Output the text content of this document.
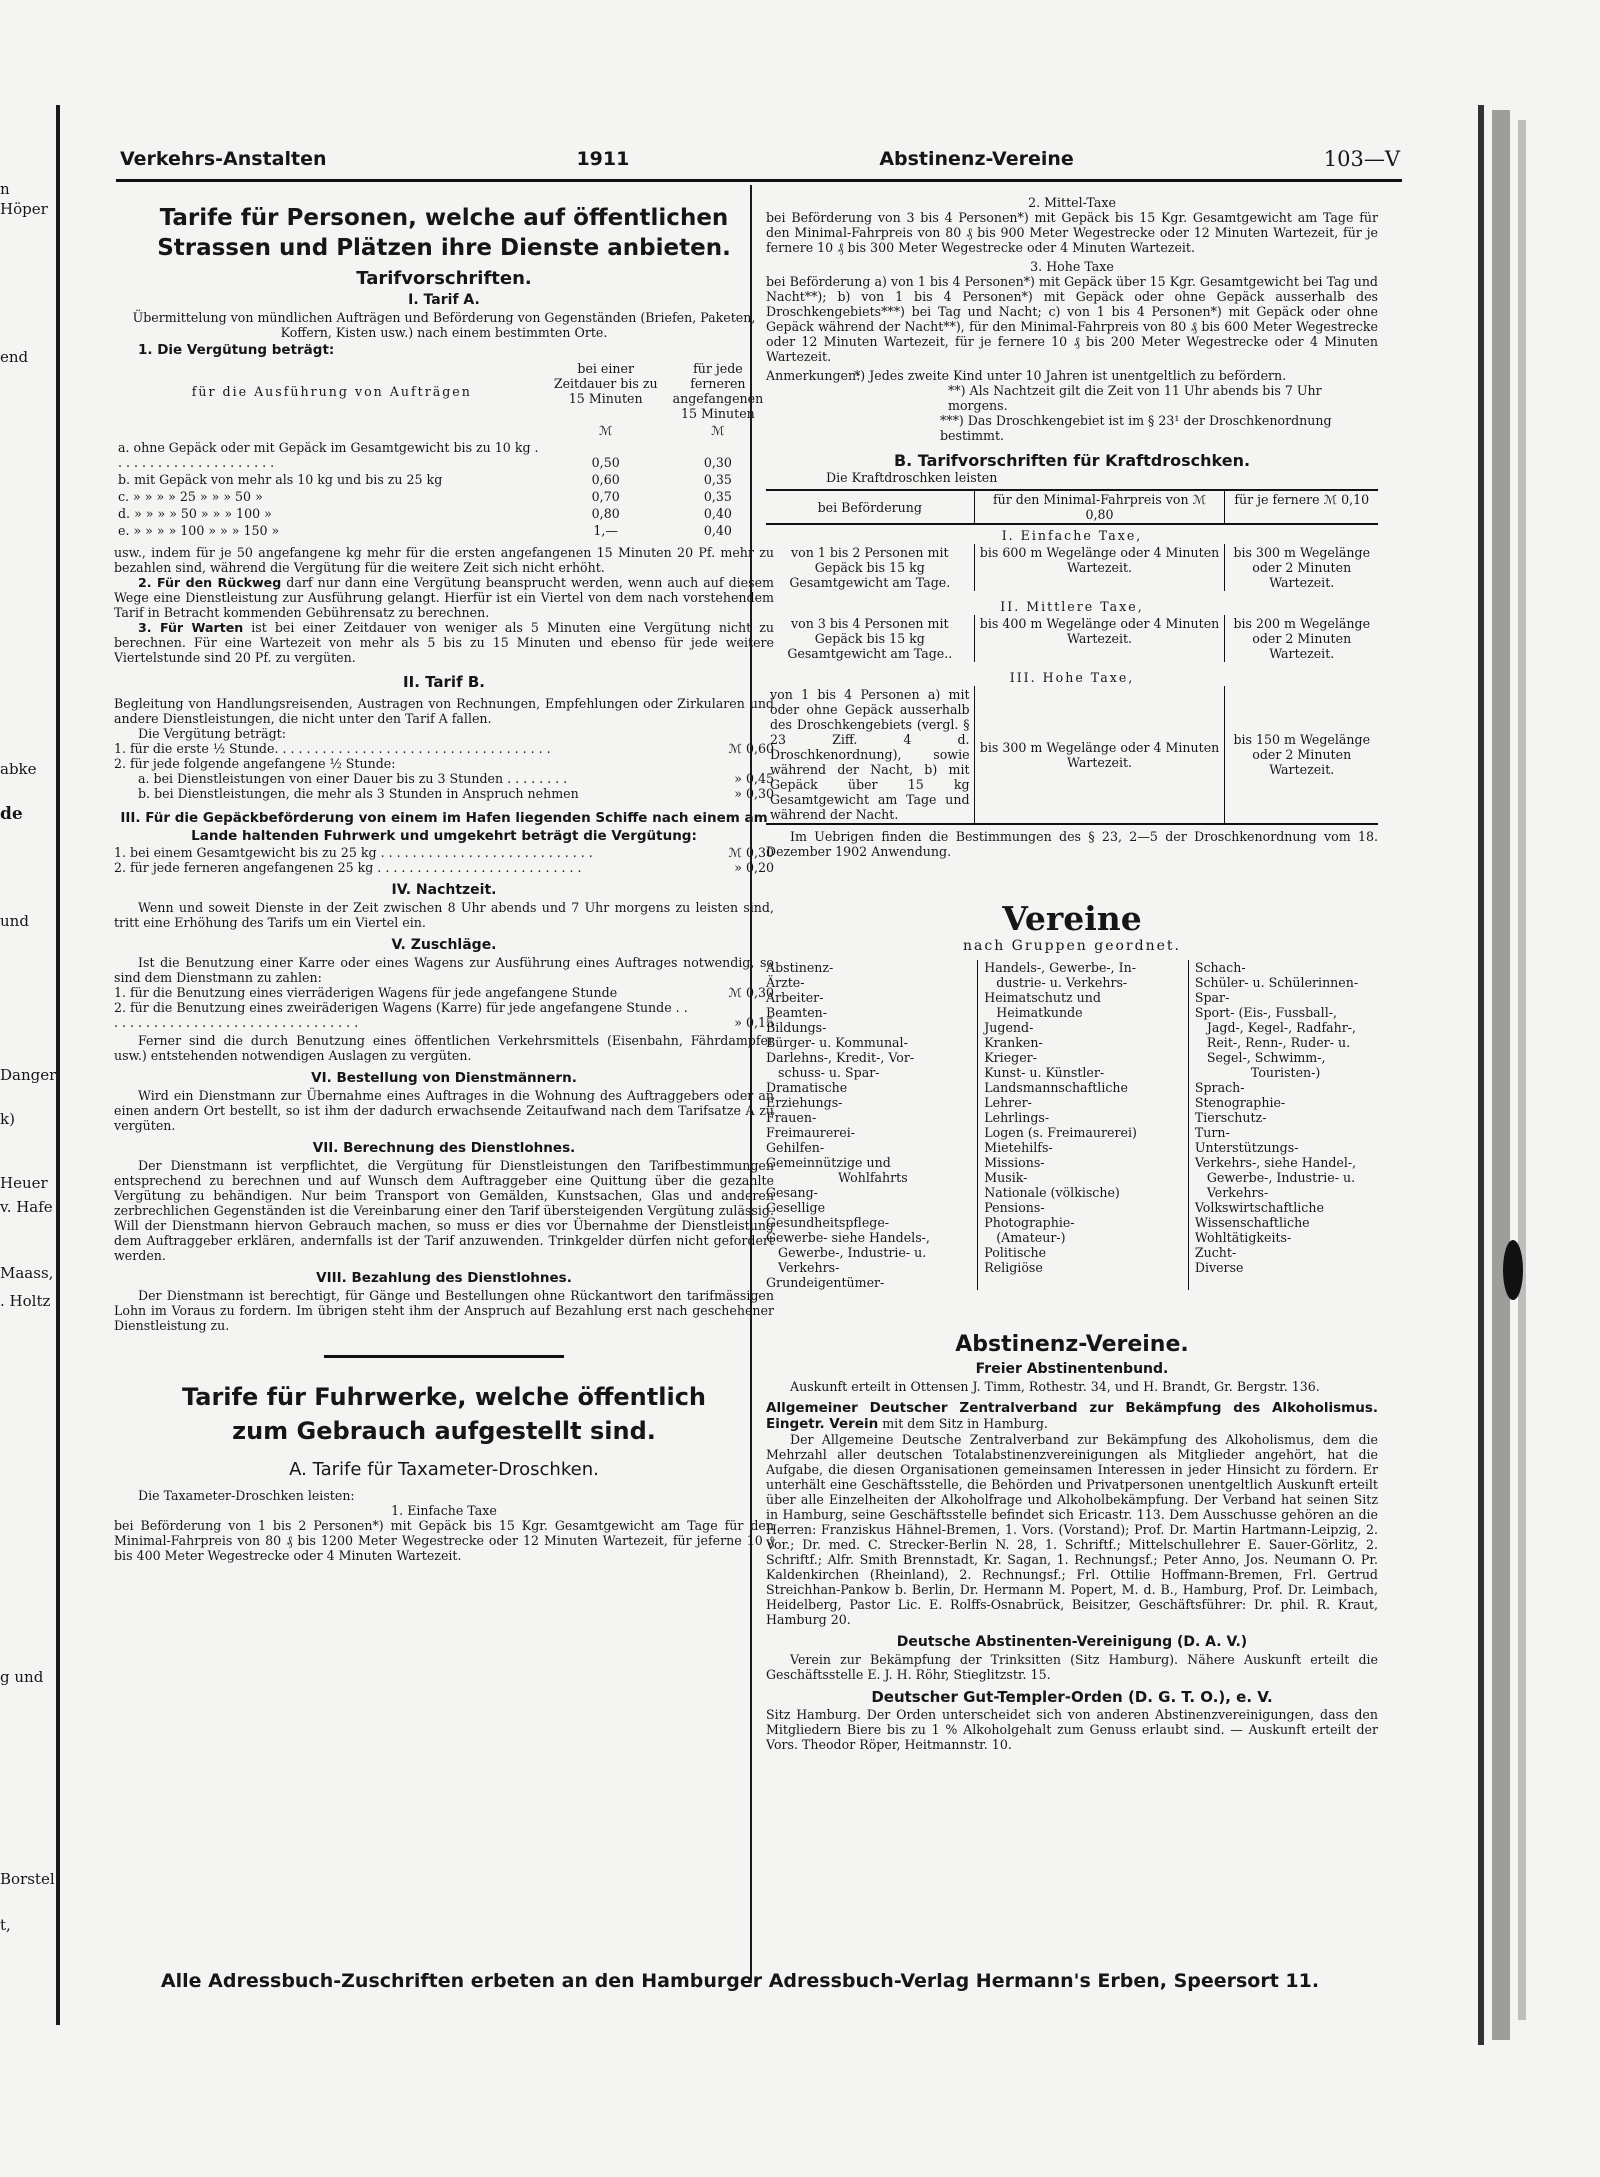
n
Höper
end
abke
de
und
Danger
k)
Heuer
v. Hafe
Maass,
. Holtz
g und
Borstel
t,
Verkehrs-Anstalten	1911	Abstinenz-Vereine	103—V
Tarife für Personen, welche auf öffentlichen Strassen und Plätzen ihre Dienste anbieten.
Tarifvorschriften.
I. Tarif A.
Übermittelung von mündlichen Aufträgen und Beförderung von Gegenständen (Briefen, Paketen, Koffern, Kisten usw.) nach einem bestimmten Orte.
1. Die Vergütung beträgt:
für die Ausführung von Aufträgen	bei einer Zeitdauer bis zu 15 Minuten	für jede ferneren angefangenen 15 Minuten
	ℳ	ℳ
a. ohne Gepäck oder mit Gepäck im Gesamtgewicht bis zu 10 kg . . . . . . . . . . . . . . . . . . . . .	0,50	0,30
b. mit Gepäck von mehr als 10 kg und bis zu 25 kg	0,60	0,35
c. » » » » 25 » » » 50 »	0,70	0,35
d. » » » » 50 » » » 100 »	0,80	0,40
e. » » » » 100 » » » 150 »	1,—	0,40
usw., indem für je 50 angefangene kg mehr für die ersten angefangenen 15 Minuten 20 Pf. mehr zu bezahlen sind, während die Vergütung für die weitere Zeit sich nicht erhöht.
2. Für den Rückweg darf nur dann eine Vergütung beansprucht werden, wenn auch auf diesem Wege eine Dienstleistung zur Ausführung gelangt. Hierfür ist ein Viertel von dem nach vorstehendem Tarif in Betracht kommenden Gebührensatz zu berechnen.
3. Für Warten ist bei einer Zeitdauer von weniger als 5 Minuten eine Vergütung nicht zu berechnen. Für eine Wartezeit von mehr als 5 bis zu 15 Minuten und ebenso für jede weitere Viertelstunde sind 20 Pf. zu vergüten.
II. Tarif B.
Begleitung von Handlungsreisenden, Austragen von Rechnungen, Empfehlungen oder Zirkularen und andere Dienstleistungen, die nicht unter den Tarif A fallen.
Die Vergütung beträgt:
1. für die erste ½ Stunde. . . . . . . . . . . . . . . . . . . . . . . . . . . . . . . . . . .	ℳ 0,60
2. für jede folgende angefangene ½ Stunde:
a. bei Dienstleistungen von einer Dauer bis zu 3 Stunden . . . . . . . .	» 0,45
b. bei Dienstleistungen, die mehr als 3 Stunden in Anspruch nehmen	» 0,30
III. Für die Gepäckbeförderung von einem im Hafen liegenden Schiffe nach einem am Lande haltenden Fuhrwerk und umgekehrt beträgt die Vergütung:
1. bei einem Gesamtgewicht bis zu 25 kg . . . . . . . . . . . . . . . . . . . . . . . . . . .	ℳ 0,30
2. für jede ferneren angefangenen 25 kg . . . . . . . . . . . . . . . . . . . . . . . . . .	» 0,20
IV. Nachtzeit.
Wenn und soweit Dienste in der Zeit zwischen 8 Uhr abends und 7 Uhr morgens zu leisten sind, tritt eine Erhöhung des Tarifs um ein Viertel ein.
V. Zuschläge.
Ist die Benutzung einer Karre oder eines Wagens zur Ausführung eines Auftrages notwendig, so sind dem Dienstmann zu zahlen:
1. für die Benutzung eines vierräderigen Wagens für jede angefangene Stunde	ℳ 0,30
2. für die Benutzung eines zweiräderigen Wagens (Karre) für jede angefangene Stunde . . . . . . . . . . . . . . . . . . . . . . . . . . . . . . . . .	» 0,15
Ferner sind die durch Benutzung eines öffentlichen Verkehrsmittels (Eisenbahn, Fährdampfer usw.) entstehenden notwendigen Auslagen zu vergüten.
VI. Bestellung von Dienstmännern.
Wird ein Dienstmann zur Übernahme eines Auftrages in die Wohnung des Auftraggebers oder an einen andern Ort bestellt, so ist ihm der dadurch erwachsende Zeitaufwand nach dem Tarifsatze A zu vergüten.
VII. Berechnung des Dienstlohnes.
Der Dienstmann ist verpflichtet, die Vergütung für Dienstleistungen den Tarifbestimmungen entsprechend zu berechnen und auf Wunsch dem Auftraggeber eine Quittung über die gezahlte Vergütung zu behändigen. Nur beim Transport von Gemälden, Kunstsachen, Glas und anderen zerbrechlichen Gegenständen ist die Vereinbarung einer den Tarif übersteigenden Vergütung zulässig. Will der Dienstmann hiervon Gebrauch machen, so muss er dies vor Übernahme der Dienstleistung dem Auftraggeber erklären, andernfalls ist der Tarif anzuwenden. Trinkgelder dürfen nicht gefordert werden.
VIII. Bezahlung des Dienstlohnes.
Der Dienstmann ist berechtigt, für Gänge und Bestellungen ohne Rückantwort den tarifmässigen Lohn im Voraus zu fordern. Im übrigen steht ihm der Anspruch auf Bezahlung erst nach geschehener Dienstleistung zu.
Tarife für Fuhrwerke, welche öffentlich zum Gebrauch aufgestellt sind.
A. Tarife für Taxameter-Droschken.
Die Taxameter-Droschken leisten:
1. Einfache Taxe
bei Beförderung von 1 bis 2 Personen*) mit Gepäck bis 15 Kgr. Gesamtgewicht am Tage für den Minimal-Fahrpreis von 80 ₰ bis 1200 Meter Wegestrecke oder 12 Minuten Wartezeit, für jeferne 10 ₰ bis 400 Meter Wegestrecke oder 4 Minuten Wartezeit.
2. Mittel-Taxe
bei Beförderung von 3 bis 4 Personen*) mit Gepäck bis 15 Kgr. Gesamtgewicht am Tage für den Minimal-Fahrpreis von 80 ₰ bis 900 Meter Wegestrecke oder 12 Minuten Wartezeit, für je fernere 10 ₰ bis 300 Meter Wegestrecke oder 4 Minuten Wartezeit.
3. Hohe Taxe
bei Beförderung a) von 1 bis 4 Personen*) mit Gepäck über 15 Kgr. Gesamtgewicht bei Tag und Nacht**); b) von 1 bis 4 Personen*) mit Gepäck oder ohne Gepäck ausserhalb des Droschkengebiets***) bei Tag und Nacht; c) von 1 bis 4 Personen*) mit Gepäck oder ohne Gepäck während der Nacht**), für den Minimal-Fahrpreis von 80 ₰ bis 600 Meter Wegestrecke oder 12 Minuten Wartezeit, für je fernere 10 ₰ bis 200 Meter Wegestrecke oder 4 Minuten Wartezeit.
Anmerkungen:
*) Jedes zweite Kind unter 10 Jahren ist unentgeltlich zu befördern.
**) Als Nachtzeit gilt die Zeit von 11 Uhr abends bis 7 Uhr morgens.
***) Das Droschkengebiet ist im § 23¹ der Droschkenordnung bestimmt.
B. Tarifvorschriften für Kraftdroschken.
Die Kraftdroschken leisten
bei Beförderung	für den Minimal-Fahrpreis von ℳ 0,80	für je fernere ℳ 0,10
I. Einfache Taxe,		
von 1 bis 2 Personen mit Gepäck bis 15 kg Gesamtgewicht am Tage.	bis 600 m Wegelänge oder 4 Minuten Wartezeit.	bis 300 m Wegelänge oder 2 Minuten Wartezeit.
II. Mittlere Taxe,		
von 3 bis 4 Personen mit Gepäck bis 15 kg Gesamtgewicht am Tage..	bis 400 m Wegelänge oder 4 Minuten Wartezeit.	bis 200 m Wegelänge oder 2 Minuten Wartezeit.
III. Hohe Taxe,		
von 1 bis 4 Personen a) mit oder ohne Gepäck ausserhalb des Droschkengebiets (vergl. § 23 Ziff. 4 d. Droschkenordnung), sowie während der Nacht, b) mit Gepäck über 15 kg Gesamtgewicht am Tage und während der Nacht.	bis 300 m Wegelänge oder 4 Minuten Wartezeit.	bis 150 m Wegelänge oder 2 Minuten Wartezeit.
Im Uebrigen finden die Bestimmungen des § 23, 2—5 der Droschkenordnung vom 18. Dezember 1902 Anwendung.
Vereine
nach Gruppen geordnet.
Abstinenz-
Ärzte-
Arbeiter-
Beamten-
Bildungs-
Bürger- u. Kommunal-
Darlehns-, Kredit-, Vor-
schuss- u. Spar-
Dramatische
Erziehungs-
Frauen-
Freimaurerei-
Gehilfen-
Gemeinnützige und
Wohlfahrts
Gesang-
Gesellige
Gesundheitspflege-
Gewerbe- siehe Handels-,
Gewerbe-, Industrie- u.
Verkehrs-
Grundeigentümer-
Handels-, Gewerbe-, In-
dustrie- u. Verkehrs-
Heimatschutz und
Heimatkunde
Jugend-
Kranken-
Krieger-
Kunst- u. Künstler-
Landsmannschaftliche
Lehrer-
Lehrlings-
Logen (s. Freimaurerei)
Mietehilfs-
Missions-
Musik-
Nationale (völkische)
Pensions-
Photographie-
(Amateur-)
Politische
Religiöse
Schach-
Schüler- u. Schülerinnen-
Spar-
Sport- (Eis-, Fussball-,
Jagd-, Kegel-, Radfahr-,
Reit-, Renn-, Ruder- u.
Segel-, Schwimm-,
Touristen-)
Sprach-
Stenographie-
Tierschutz-
Turn-
Unterstützungs-
Verkehrs-, siehe Handel-,
Gewerbe-, Industrie- u.
Verkehrs-
Volkswirtschaftliche
Wissenschaftliche
Wohltätigkeits-
Zucht-
Diverse
Abstinenz-Vereine.
Freier Abstinentenbund.
Auskunft erteilt in Ottensen J. Timm, Rothestr. 34, und H. Brandt, Gr. Bergstr. 136.
Allgemeiner Deutscher Zentralverband zur Bekämpfung des Alkoholismus. Eingetr. Verein mit dem Sitz in Hamburg.
Der Allgemeine Deutsche Zentralverband zur Bekämpfung des Alkoholismus, dem die Mehrzahl aller deutschen Totalabstinenzvereinigungen als Mitglieder angehört, hat die Aufgabe, die diesen Organisationen gemeinsamen Interessen in jeder Hinsicht zu fördern. Er unterhält eine Geschäftsstelle, die Behörden und Privatpersonen unentgeltlich Auskunft erteilt über alle Einzelheiten der Alkoholfrage und Alkoholbekämpfung. Der Verband hat seinen Sitz in Hamburg, seine Geschäftsstelle befindet sich Ericastr. 113. Dem Ausschusse gehören an die Herren: Franziskus Hähnel-Bremen, 1. Vors. (Vorstand); Prof. Dr. Martin Hartmann-Leipzig, 2. Vor.; Dr. med. C. Strecker-Berlin N. 28, 1. Schriftf.; Mittelschullehrer E. Sauer-Görlitz, 2. Schriftf.; Alfr. Smith Brennstadt, Kr. Sagan, 1. Rechnungsf.; Peter Anno, Jos. Neumann O. Pr. Kaldenkirchen (Rheinland), 2. Rechnungsf.; Frl. Ottilie Hoffmann-Bremen, Frl. Gertrud Streichhan-Pankow b. Berlin, Dr. Hermann M. Popert, M. d. B., Hamburg, Prof. Dr. Leimbach, Heidelberg, Pastor Lic. E. Rolffs-Osnabrück, Beisitzer, Geschäftsführer: Dr. phil. R. Kraut, Hamburg 20.
Deutsche Abstinenten-Vereinigung (D. A. V.)
Verein zur Bekämpfung der Trinksitten (Sitz Hamburg). Nähere Auskunft erteilt die Geschäftsstelle E. J. H. Röhr, Stieglitzstr. 15.
Deutscher Gut-Templer-Orden (D. G. T. O.), e. V.
Sitz Hamburg. Der Orden unterscheidet sich von anderen Abstinenzvereinigungen, dass den Mitgliedern Biere bis zu 1 % Alkoholgehalt zum Genuss erlaubt sind. — Auskunft erteilt der Vors. Theodor Röper, Heitmannstr. 10.
Alle Adressbuch-Zuschriften erbeten an den Hamburger Adressbuch-Verlag Hermann's Erben, Speersort 11.
